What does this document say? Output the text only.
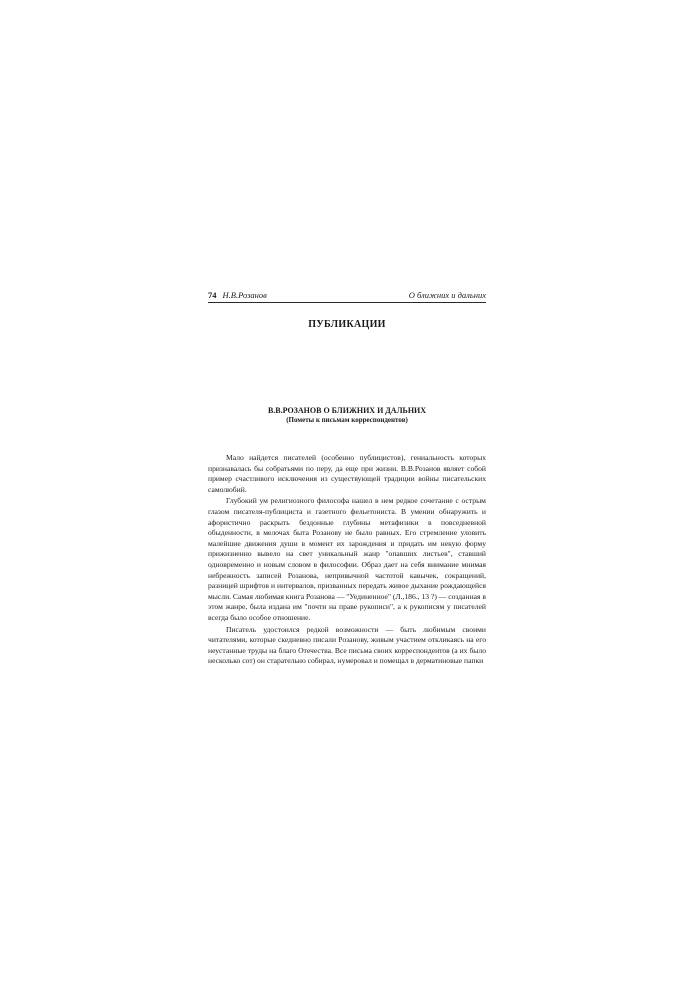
74 Н.В.Розанов	О ближних и дальних
ПУБЛИКАЦИИ
В.В.РОЗАНОВ О БЛИЖНИХ И ДАЛЬНИХ
(Пометы к письмам корреспондентов)

Мало найдется писателей (особенно публицистов), гениальность которых признавалась бы собратьями по перу, да еще при жизни. В.В.Розанов являет собой пример счастливого исключения из существующей традиции войны писательских самолюбий.

Глубокий ум религиозного философа нашел в нем редкое сочетание с острым глазом писателя-публициста и газетного фельетониста. В умении обнаружить и афористично раскрыть бездонные глубины метафизики в повседневной обыденности, в мелочах быта Розанову не было равных. Его стремление уловить малейшие движения души в момент их зарождения и придать им некую форму прижизненно вывело на свет уникальный жанр "опавших листьев", ставший одновременно и новым словом в философии. Образ дает на себя внимание мнимая небрежность записей Розанова, непривычной частотой кавычек, сокращений, разницей шрифтов и интервалов, призванных передать живое дыхание рождающейся мысли. Самая любимая книга Розанова — "Уединенное" (Л.,186., 13 ?) — созданная в этом жанре, была издана им "почти на праве рукописи", а к рукописям у писателей всегда было особое отношение.

Писатель удостоился редкой возможности — быть любимым своими читателями, которые скедневно писали Розанову, живым участием откликаясь на его неустанные труды на благо Отечества. Все письма своих корреспондентов (а их было несколько сот) он старательно собирал, нумеровал и помещал в дерматиновые папки
